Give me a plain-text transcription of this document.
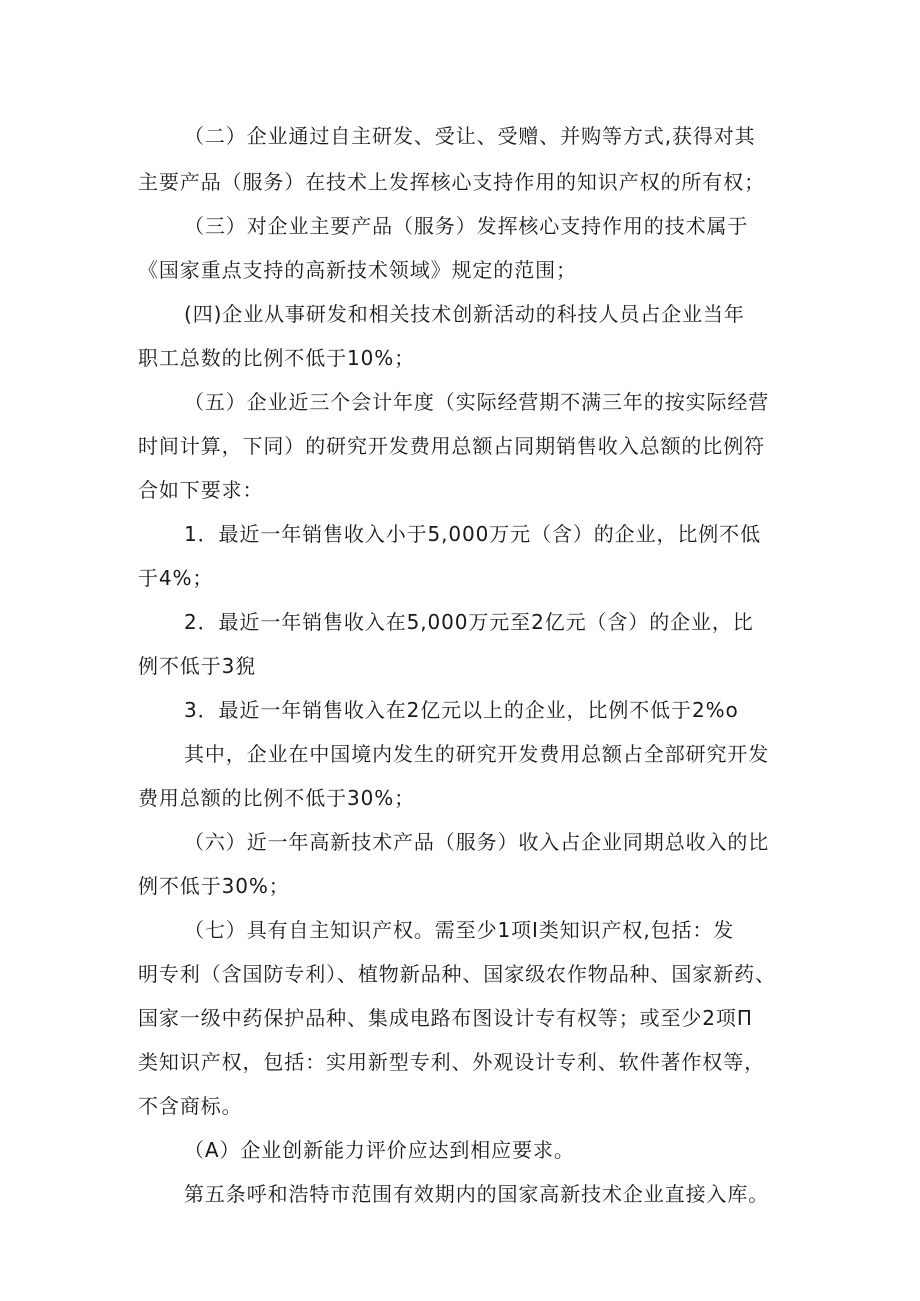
（二）企业通过自主研发、受让、受赠、并购等方式,获得对其
主要产品（服务）在技术上发挥核心支持作用的知识产权的所有权；
（三）对企业主要产品（服务）发挥核心支持作用的技术属于
《国家重点支持的高新技术领域》规定的范围；
(四)企业从事研发和相关技术创新活动的科技人员占企业当年
职工总数的比例不低于10%；
（五）企业近三个会计年度（实际经营期不满三年的按实际经营
时间计算，下同）的研究开发费用总额占同期销售收入总额的比例符
合如下要求：
1．最近一年销售收入小于5,000万元（含）的企业，比例不低
于4%；
2．最近一年销售收入在5,000万元至2亿元（含）的企业，比
例不低于3猊
3．最近一年销售收入在2亿元以上的企业，比例不低于2%o
其中，企业在中国境内发生的研究开发费用总额占全部研究开发
费用总额的比例不低于30%；
（六）近一年高新技术产品（服务）收入占企业同期总收入的比
例不低于30%；
（七）具有自主知识产权。需至少1项Ⅰ类知识产权,包括：发
明专利（含国防专利）、植物新品种、国家级农作物品种、国家新药、
国家一级中药保护品种、集成电路布图设计专有权等；或至少2项Π
类知识产权，包括：实用新型专利、外观设计专利、软件著作权等，
不含商标。
（A）企业创新能力评价应达到相应要求。
第五条呼和浩特市范围有效期内的国家高新技术企业直接入库。
